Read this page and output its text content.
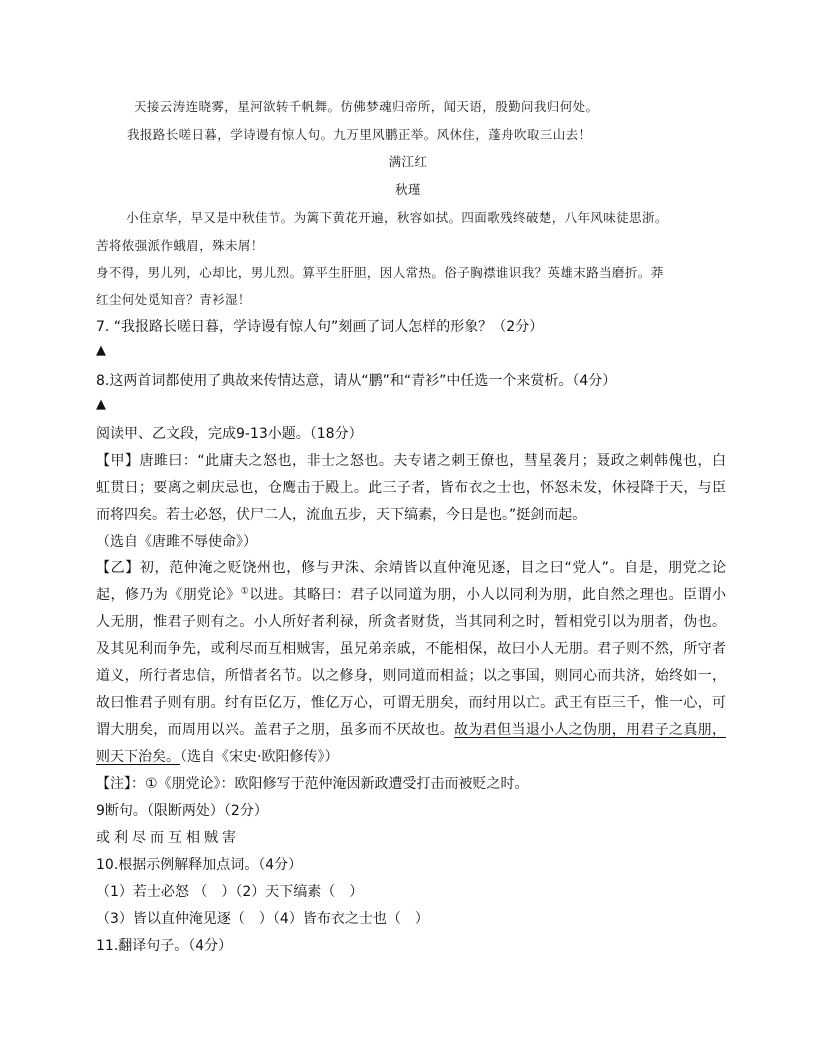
天接云涛连晓雾，星河欲转千帆舞。仿佛梦魂归帝所，闻天语，殷勤问我归何处。
我报路长嗟日暮，学诗谩有惊人句。九万里风鹏正举。风休住，蓬舟吹取三山去！
满江红
秋瑾
小住京华，早又是中秋佳节。为篱下黄花开遍，秋容如拭。四面歌残终破楚，八年风味徒思浙。
苦将侬强派作蛾眉，殊未屑！
身不得，男儿列，心却比，男儿烈。算平生肝胆，因人常热。俗子胸襟谁识我？英雄末路当磨折。莽
红尘何处觅知音？青衫湿！
7. “我报路长嗟日暮，学诗谩有惊人句”刻画了词人怎样的形象？（2分）
▲
8.这两首词都使用了典故来传情达意，请从“鹏”和“青衫”中任选一个来赏析。（4分）
▲
阅读甲、乙文段，完成9-13小题。（18分）
【甲】唐雎曰：“此庸夫之怒也，非士之怒也。夫专诸之刺王僚也，彗星袭月；聂政之刺韩傀也，白
虹贯日；要离之刺庆忌也，仓鹰击于殿上。此三子者，皆布衣之士也，怀怒未发，休祲降于天，与臣
而将四矣。若士必怒，伏尸二人，流血五步，天下缟素，今日是也。”挺剑而起。
（选自《唐雎不辱使命》）
【乙】初，范仲淹之贬饶州也，修与尹洙、余靖皆以直仲淹见逐，目之曰“党人”。自是，朋党之论
起，修乃为《朋党论》①以进。其略曰：君子以同道为朋，小人以同利为朋，此自然之理也。臣谓小
人无朋，惟君子则有之。小人所好者利禄，所贪者财货，当其同利之时，暂相党引以为朋者，伪也。
及其见利而争先，或利尽而互相贼害，虽兄弟亲戚，不能相保，故曰小人无朋。君子则不然，所守者
道义，所行者忠信，所惜者名节。以之修身，则同道而相益；以之事国，则同心而共济，始终如一，
故曰惟君子则有朋。纣有臣亿万，惟亿万心，可谓无朋矣，而纣用以亡。武王有臣三千，惟一心，可
谓大朋矣，而周用以兴。盖君子之朋，虽多而不厌故也。故为君但当退小人之伪朋，用君子之真朋，
则天下治矣。（选自《宋史·欧阳修传》）
【注】：①《朋党论》：欧阳修写于范仲淹因新政遭受打击而被贬之时。
9断句。（限断两处）（2分）
或利尽而互相贼害
10.根据示例解释加点词。（4分）
（1）若士必怒 （　）（2）天下缟素（　）
（3）皆以直仲淹见逐（　）（4）皆布衣之士也（　）
11.翻译句子。（4分）
